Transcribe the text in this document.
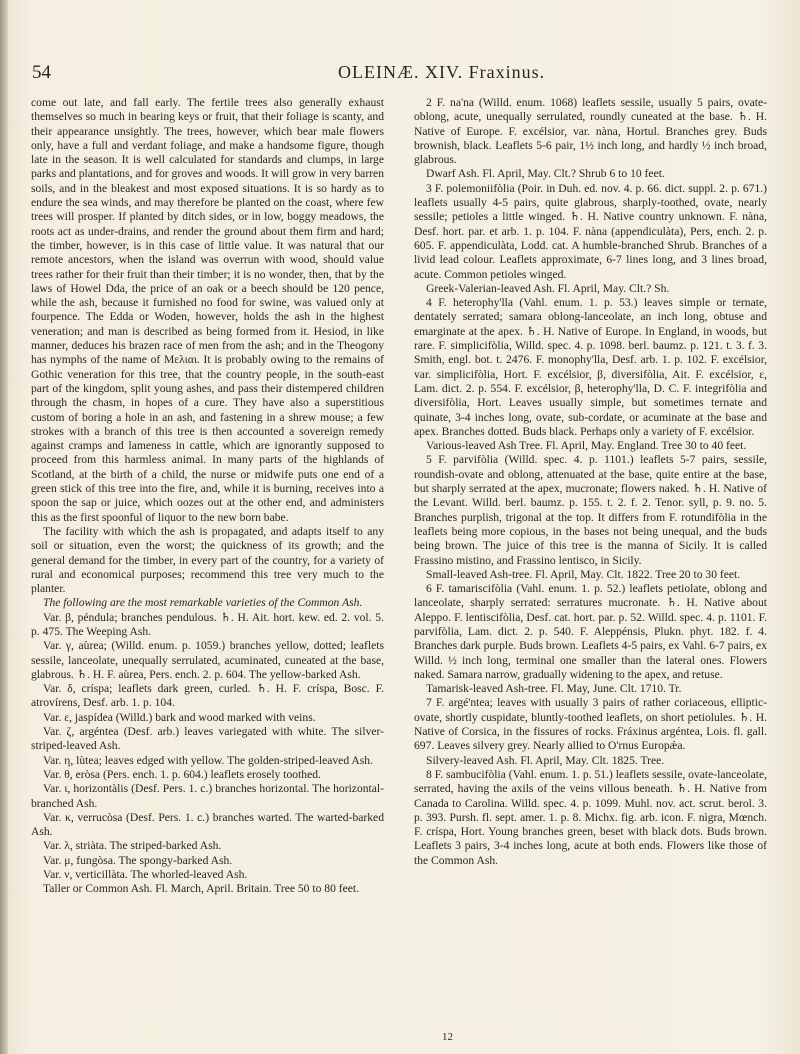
54	OLEINÆ. XIV. Fraxinus.

come out late, and fall early. The fertile trees also generally exhaust themselves so much in bearing keys or fruit, that their foliage is scanty, and their appearance unsightly. The trees, however, which bear male flowers only, have a full and verdant foliage, and make a handsome figure, though late in the season. It is well calculated for standards and clumps, in large parks and plantations, and for groves and woods. It will grow in very barren soils, and in the bleakest and most exposed situations. It is so hardy as to endure the sea winds, and may therefore be planted on the coast, where few trees will prosper. If planted by ditch sides, or in low, boggy meadows, the roots act as under-drains, and render the ground about them firm and hard; the timber, however, is in this case of little value. It was natural that our remote ancestors, when the island was overrun with wood, should value trees rather for their fruit than their timber; it is no wonder, then, that by the laws of Howel Dda, the price of an oak or a beech should be 120 pence, while the ash, because it furnished no food for swine, was valued only at fourpence. The Edda or Woden, however, holds the ash in the highest veneration; and man is described as being formed from it. Hesiod, in like manner, deduces his brazen race of men from the ash; and in the Theogony has nymphs of the name of Μελιαι. It is probably owing to the remains of Gothic veneration for this tree, that the country people, in the south-east part of the kingdom, split young ashes, and pass their distempered children through the chasm, in hopes of a cure. They have also a superstitious custom of boring a hole in an ash, and fastening in a shrew mouse; a few strokes with a branch of this tree is then accounted a sovereign remedy against cramps and lameness in cattle, which are ignorantly supposed to proceed from this harmless animal. In many parts of the highlands of Scotland, at the birth of a child, the nurse or midwife puts one end of a green stick of this tree into the fire, and, while it is burning, receives into a spoon the sap or juice, which oozes out at the other end, and administers this as the first spoonful of liquor to the new born babe.

The facility with which the ash is propagated, and adapts itself to any soil or situation, even the worst; the quickness of its growth; and the general demand for the timber, in every part of the country, for a variety of rural and economical purposes; recommend this tree very much to the planter.

The following are the most remarkable varieties of the Common Ash.

Var. β, péndula; branches pendulous. ♄. H. Ait. hort. kew. ed. 2. vol. 5. p. 475. The Weeping Ash.

Var. γ, aùrea; (Willd. enum. p. 1059.) branches yellow, dotted; leaflets sessile, lanceolate, unequally serrulated, acuminated, cuneated at the base, glabrous. ♄. H. F. aùrea, Pers. ench. 2. p. 604. The yellow-barked Ash.

Var. δ, críspa; leaflets dark green, curled. ♄. H. F. críspa, Bosc. F. atrovírens, Desf. arb. 1. p. 104.

Var. ε, jaspídea (Willd.) bark and wood marked with veins.

Var. ζ, argéntea (Desf. arb.) leaves variegated with white. The silver-striped-leaved Ash.

Var. η, lùtea; leaves edged with yellow. The golden-striped-leaved Ash.

Var. θ, eròsa (Pers. ench. 1. p. 604.) leaflets erosely toothed.

Var. ι, horizontàlis (Desf. Pers. 1. c.) branches horizontal. The horizontal-branched Ash.

Var. κ, verrucòsa (Desf. Pers. 1. c.) branches warted. The warted-barked Ash.

Var. λ, striàta. The striped-barked Ash.

Var. μ, fungòsa. The spongy-barked Ash.

Var. ν, verticillàta. The whorled-leaved Ash.

Taller or Common Ash. Fl. March, April. Britain. Tree 50 to 80 feet.

2 F. na'na (Willd. enum. 1068) leaflets sessile, usually 5 pairs, ovate-oblong, acute, unequally serrulated, roundly cuneated at the base. ♄. H. Native of Europe. F. excélsior, var. nàna, Hortul. Branches grey. Buds brownish, black. Leaflets 5-6 pair, 1½ inch long, and hardly ½ inch broad, glabrous.

Dwarf Ash. Fl. April, May. Clt.? Shrub 6 to 10 feet.

3 F. polemoniifòlia (Poir. in Duh. ed. nov. 4. p. 66. dict. suppl. 2. p. 671.) leaflets usually 4-5 pairs, quite glabrous, sharply-toothed, ovate, nearly sessile; petioles a little winged. ♄. H. Native country unknown. F. nàna, Desf. hort. par. et arb. 1. p. 104. F. nàna (appendiculàta), Pers, ench. 2. p. 605. F. appendiculàta, Lodd. cat. A humble-branched Shrub. Branches of a livid lead colour. Leaflets approximate, 6-7 lines long, and 3 lines broad, acute. Common petioles winged.

Greek-Valerian-leaved Ash. Fl. April, May. Clt.? Sh.

4 F. heterophy'lla (Vahl. enum. 1. p. 53.) leaves simple or ternate, dentately serrated; samara oblong-lanceolate, an inch long, obtuse and emarginate at the apex. ♄. H. Native of Europe. In England, in woods, but rare. F. simplicifòlia, Willd. spec. 4. p. 1098. berl. baumz. p. 121. t. 3. f. 3. Smith, engl. bot. t. 2476. F. monophy'lla, Desf. arb. 1. p. 102. F. excélsior, var. simplicifòlia, Hort. F. excélsior, β, diversifòlia, Ait. F. excélsior, ε, Lam. dict. 2. p. 554. F. excélsior, β, heterophy'lla, D. C. F. integrifòlia and diversifòlia, Hort. Leaves usually simple, but sometimes ternate and quinate, 3-4 inches long, ovate, sub-cordate, or acuminate at the base and apex. Branches dotted. Buds black. Perhaps only a variety of F. excélsior.

Various-leaved Ash Tree. Fl. April, May. England. Tree 30 to 40 feet.

5 F. parvifòlia (Willd. spec. 4. p. 1101.) leaflets 5-7 pairs, sessile, roundish-ovate and oblong, attenuated at the base, quite entire at the base, but sharply serrated at the apex, mucronate; flowers naked. ♄. H. Native of the Levant. Willd. berl. baumz. p. 155. t. 2. f. 2. Tenor. syll, p. 9. no. 5. Branches purplish, trigonal at the top. It differs from F. rotundifòlia in the leaflets being more copious, in the bases not being unequal, and the buds being brown. The juice of this tree is the manna of Sicily. It is called Frassino mistino, and Frassino lentisco, in Sicily.

Small-leaved Ash-tree. Fl. April, May. Clt. 1822. Tree 20 to 30 feet.

6 F. tamariscifòlia (Vahl. enum. 1. p. 52.) leaflets petiolate, oblong and lanceolate, sharply serrated: serratures mucronate. ♄. H. Native about Aleppo. F. lentiscifòlia, Desf. cat. hort. par. p. 52. Willd. spec. 4. p. 1101. F. parvifòlia, Lam. dict. 2. p. 540. F. Aleppénsis, Plukn. phyt. 182. f. 4. Branches dark purple. Buds brown. Leaflets 4-5 pairs, ex Vahl. 6-7 pairs, ex Willd. ½ inch long, terminal one smaller than the lateral ones. Flowers naked. Samara narrow, gradually widening to the apex, and retuse.

Tamarisk-leaved Ash-tree. Fl. May, June. Clt. 1710. Tr.

7 F. argé'ntea; leaves with usually 3 pairs of rather coriaceous, elliptic-ovate, shortly cuspidate, bluntly-toothed leaflets, on short petiolules. ♄. H. Native of Corsica, in the fissures of rocks. Fráxinus argéntea, Lois. fl. gall. 697. Leaves silvery grey. Nearly allied to O'rnus Europǽa.

Silvery-leaved Ash. Fl. April, May. Clt. 1825. Tree.

8 F. sambucifòlia (Vahl. enum. 1. p. 51.) leaflets sessile, ovate-lanceolate, serrated, having the axils of the veins villous beneath. ♄. H. Native from Canada to Carolina. Willd. spec. 4. p. 1099. Muhl. nov. act. scrut. berol. 3. p. 393. Pursh. fl. sept. amer. 1. p. 8. Michx. fig. arb. icon. F. nìgra, Mœnch. F. críspa, Hort. Young branches green, beset with black dots. Buds brown. Leaflets 3 pairs, 3-4 inches long, acute at both ends. Flowers like those of the Common Ash.

12
